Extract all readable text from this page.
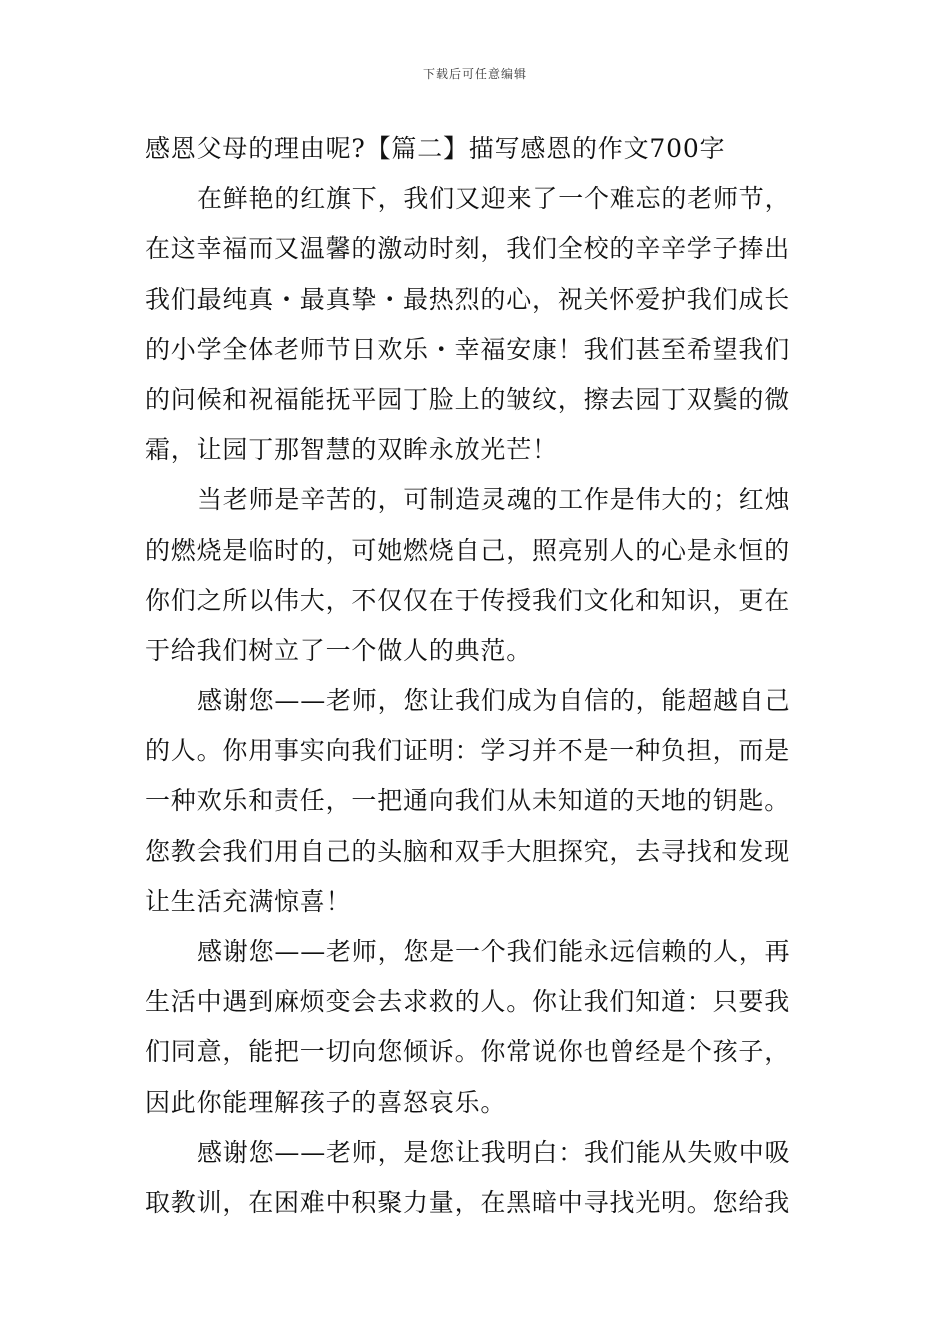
下载后可任意编辑
感恩父母的理由呢?【篇二】描写感恩的作文700字
在鲜艳的红旗下，我们又迎来了一个难忘的老师节，
在这幸福而又温馨的激动时刻，我们全校的辛辛学子捧出
我们最纯真・最真挚・最热烈的心，祝关怀爱护我们成长
的小学全体老师节日欢乐・幸福安康！我们甚至希望我们
的问候和祝福能抚平园丁脸上的皱纹，擦去园丁双鬓的微
霜，让园丁那智慧的双眸永放光芒！
当老师是辛苦的，可制造灵魂的工作是伟大的；红烛
的燃烧是临时的，可她燃烧自己，照亮别人的心是永恒的
你们之所以伟大，不仅仅在于传授我们文化和知识，更在
于给我们树立了一个做人的典范。
感谢您——老师，您让我们成为自信的，能超越自己
的人。你用事实向我们证明：学习并不是一种负担，而是
一种欢乐和责任，一把通向我们从未知道的天地的钥匙。
您教会我们用自己的头脑和双手大胆探究，去寻找和发现
让生活充满惊喜！
感谢您——老师，您是一个我们能永远信赖的人，再
生活中遇到麻烦变会去求救的人。你让我们知道：只要我
们同意，能把一切向您倾诉。你常说你也曾经是个孩子，
因此你能理解孩子的喜怒哀乐。
感谢您——老师，是您让我明白：我们能从失败中吸
取教训，在困难中积聚力量，在黑暗中寻找光明。您给我
